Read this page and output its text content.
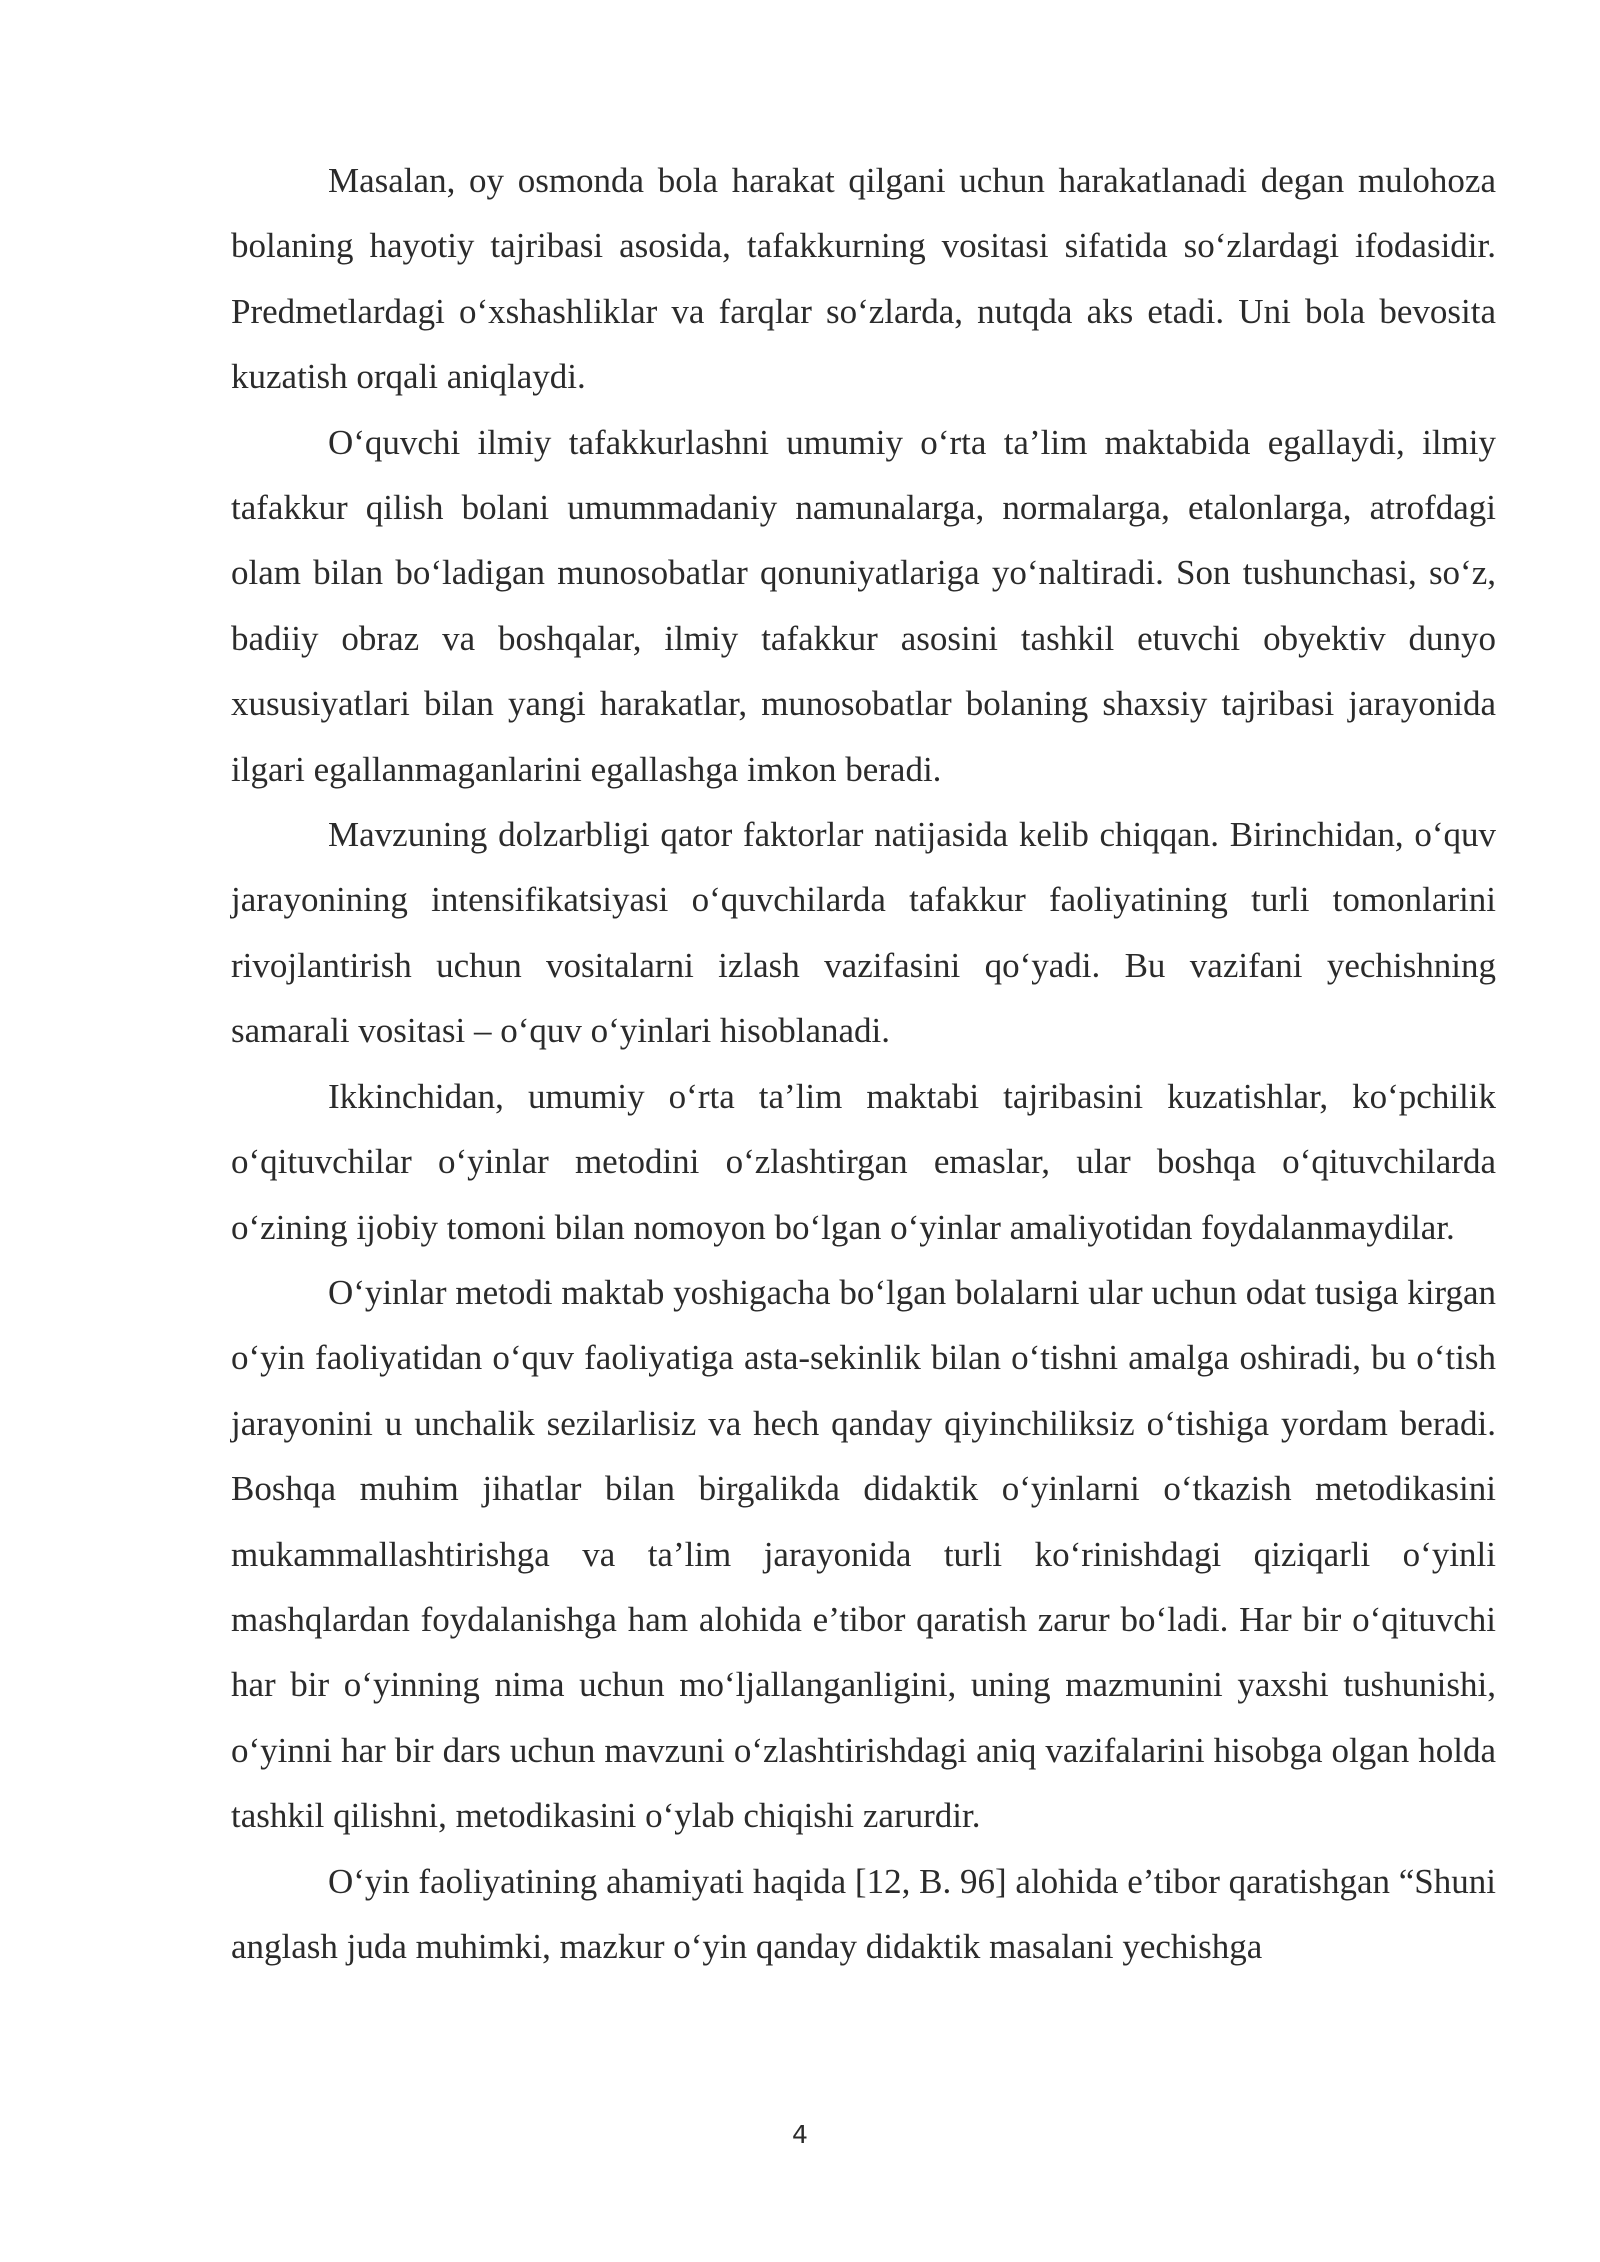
Masalan, oy osmonda bola harakat qilgani uchun harakatlanadi degan mulohoza bolaning hayotiy tajribasi asosida, tafakkurning vositasi sifatida so‘zlardagi ifodasidir. Predmetlardagi o‘xshashliklar va farqlar so‘zlarda, nutqda aks etadi. Uni bola bevosita kuzatish orqali aniqlaydi.

O‘quvchi ilmiy tafakkurlashni umumiy o‘rta ta’lim maktabida egallaydi, ilmiy tafakkur qilish bolani umummadaniy namunalarga, normalarga, etalonlarga, atrofdagi olam bilan bo‘ladigan munosobatlar qonuniyatlariga yo‘naltiradi. Son tushunchasi, so‘z, badiiy obraz va boshqalar, ilmiy tafakkur asosini tashkil etuvchi obyektiv dunyo xususiyatlari bilan yangi harakatlar, munosobatlar bolaning shaxsiy tajribasi jarayonida ilgari egallanmaganlarini egallashga imkon beradi.

Mavzuning dolzarbligi qator faktorlar natijasida kelib chiqqan. Birinchidan, o‘quv jarayonining intensifikatsiyasi o‘quvchilarda tafakkur faoliyatining turli tomonlarini rivojlantirish uchun vositalarni izlash vazifasini qo‘yadi. Bu vazifani yechishning samarali vositasi – o‘quv o‘yinlari hisoblanadi.

Ikkinchidan, umumiy o‘rta ta’lim maktabi tajribasini kuzatishlar, ko‘pchilik o‘qituvchilar o‘yinlar metodini o‘zlashtirgan emaslar, ular boshqa o‘qituvchilarda o‘zining ijobiy tomoni bilan nomoyon bo‘lgan o‘yinlar amaliyotidan foydalanmaydilar.

O‘yinlar metodi maktab yoshigacha bo‘lgan bolalarni ular uchun odat tusiga kirgan o‘yin faoliyatidan o‘quv faoliyatiga asta-sekinlik bilan o‘tishni amalga oshiradi, bu o‘tish jarayonini u unchalik sezilarlisiz va hech qanday qiyinchiliksiz o‘tishiga yordam beradi. Boshqa muhim jihatlar bilan birgalikda didaktik o‘yinlarni o‘tkazish metodikasini mukammallashtirishga va ta’lim jarayonida turli ko‘rinishdagi qiziqarli o‘yinli mashqlardan foydalanishga ham alohida e’tibor qaratish zarur bo‘ladi. Har bir o‘qituvchi har bir o‘yinning nima uchun mo‘ljallanganligini, uning mazmunini yaxshi tushunishi, o‘yinni har bir dars uchun mavzuni o‘zlashtirishdagi aniq vazifalarini hisobga olgan holda tashkil qilishni, metodikasini o‘ylab chiqishi zarurdir.

O‘yin faoliyatining ahamiyati haqida [12, B. 96] alohida e’tibor qaratishgan “Shuni anglash juda muhimki, mazkur o‘yin qanday didaktik masalani yechishga

4
